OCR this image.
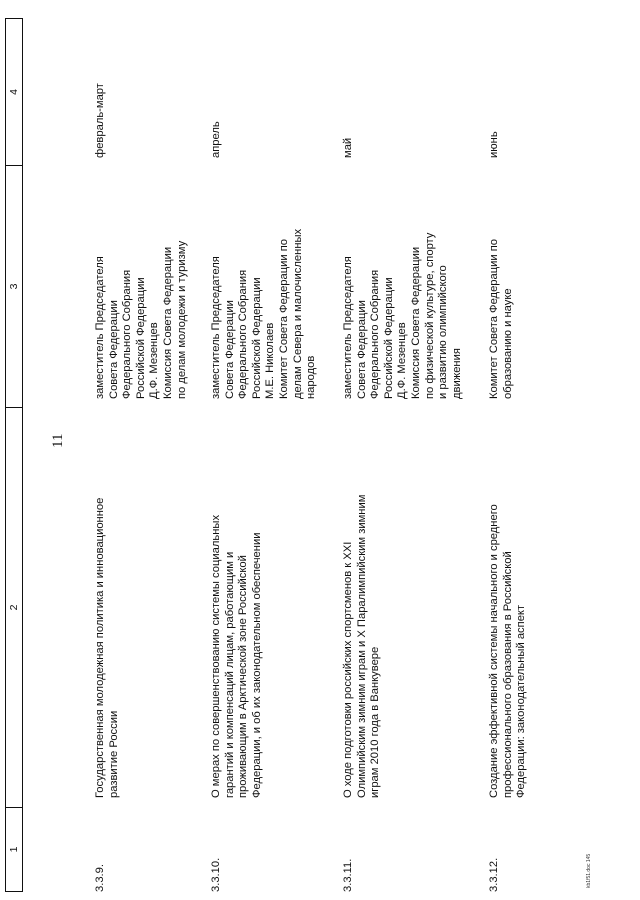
11
1
2
3
4
3.3.9.
Государственная молодежная политика и инновационное
развитие России
заместитель Председателя
Совета Федерации
Федерального Собрания
Российской Федерации
Д.Ф. Мезенцев
Комиссия Совета Федерации
по делам молодежи и туризму
февраль-март
3.3.10.
О мерах по совершенствованию системы социальных
гарантий и компенсаций лицам, работающим и
проживающим в Арктической зоне Российской
Федерации, и об их законодательном обеспечении
заместитель Председателя
Совета Федерации
Федерального Собрания
Российской Федерации
М.Е. Николаев
Комитет Совета Федерации по
делам Севера и малочисленных
народов
апрель
3.3.11.
О ходе подготовки российских спортсменов к XXI
Олимпийским зимним играм и X Паралимпийским зимним
играм 2010 года в Ванкувере
заместитель Председателя
Совета Федерации
Федерального Собрания
Российской Федерации
Д.Ф. Мезенцев
Комиссия Совета Федерации
по физической культуре, спорту
и развитию олимпийского
движения
май
3.3.12.
Создание эффективной системы начального и среднего
профессионального образования в Российской
Федерации: законодательный аспект
Комитет Совета Федерации по
образованию и науке
июнь
kb1f51.doc 145
